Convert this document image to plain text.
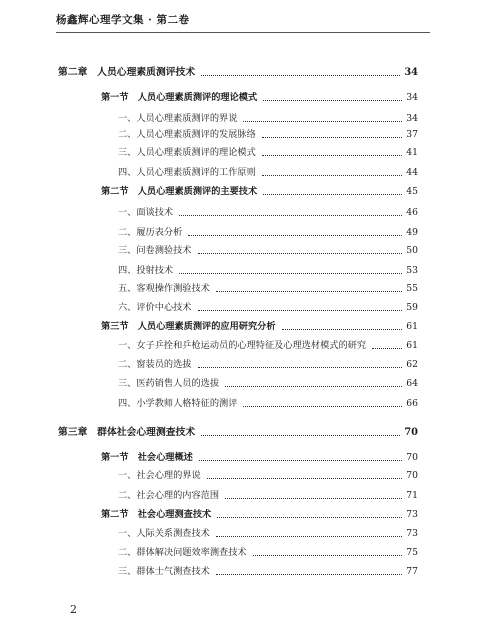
杨鑫辉心理学文集 · 第二卷
第二章　人员心理素质测评技术	34
第一节　人员心理素质测评的理论模式	34
一、人员心理素质测评的界说	34
二、人员心理素质测评的发展脉络	37
三、人员心理素质测评的理论模式	41
四、人员心理素质测评的工作原则	44
第二节　人员心理素质测评的主要技术	45
一、面谈技术	46
二、履历表分析	49
三、问卷测验技术	50
四、投射技术	53
五、客观操作测验技术	55
六、评价中心技术	59
第三节　人员心理素质测评的应用研究分析	61
一、女子乒拴和乒枪运动员的心理特征及心理选材模式的研究	61
二、窗装员的选拔	62
三、医药销售人员的选拔	64
四、小学教师人格特征的测评	66
第三章　群体社会心理测查技术	70
第一节　社会心理概述	70
一、社会心理的界说	70
二、社会心理的内容范围	71
第二节　社会心理测查技术	73
一、人际关系测查技术	73
二、群体解决问题效率测查技术	75
三、群体士气测查技术	77
2
